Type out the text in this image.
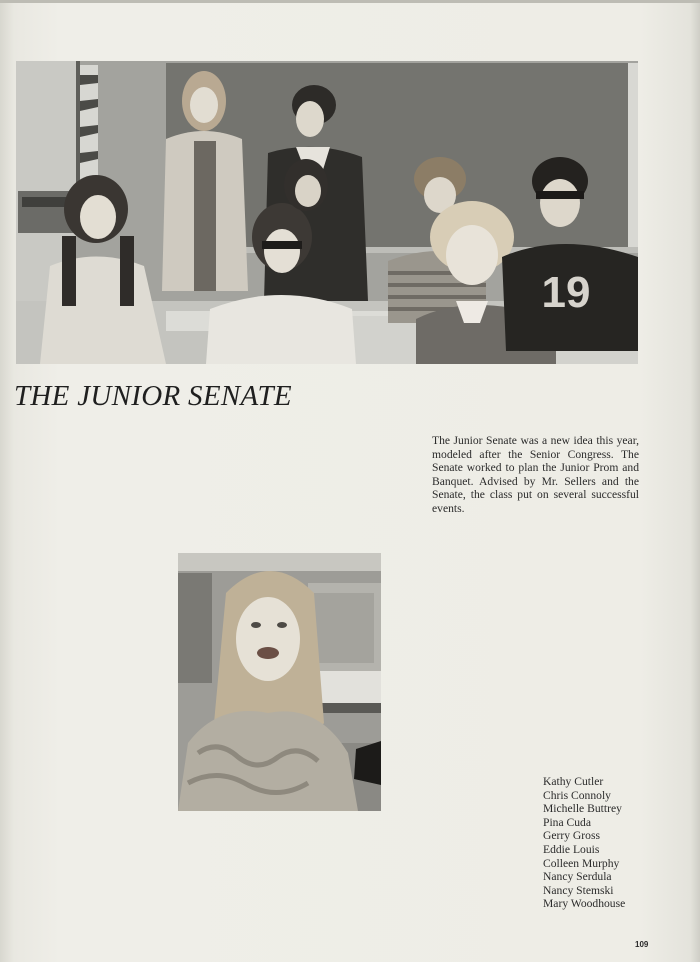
19
THE JUNIOR SENATE

The Junior Senate was a new idea this year, modeled after the Senior Congress. The Senate worked to plan the Junior Prom and Banquet. Advised by Mr. Sellers and the Senate, the class put on several successful events.

Kathy Cutler
Chris Connoly
Michelle Buttrey
Pina Cuda
Gerry Gross
Eddie Louis
Colleen Murphy
Nancy Serdula
Nancy Stemski
Mary Woodhouse
109
